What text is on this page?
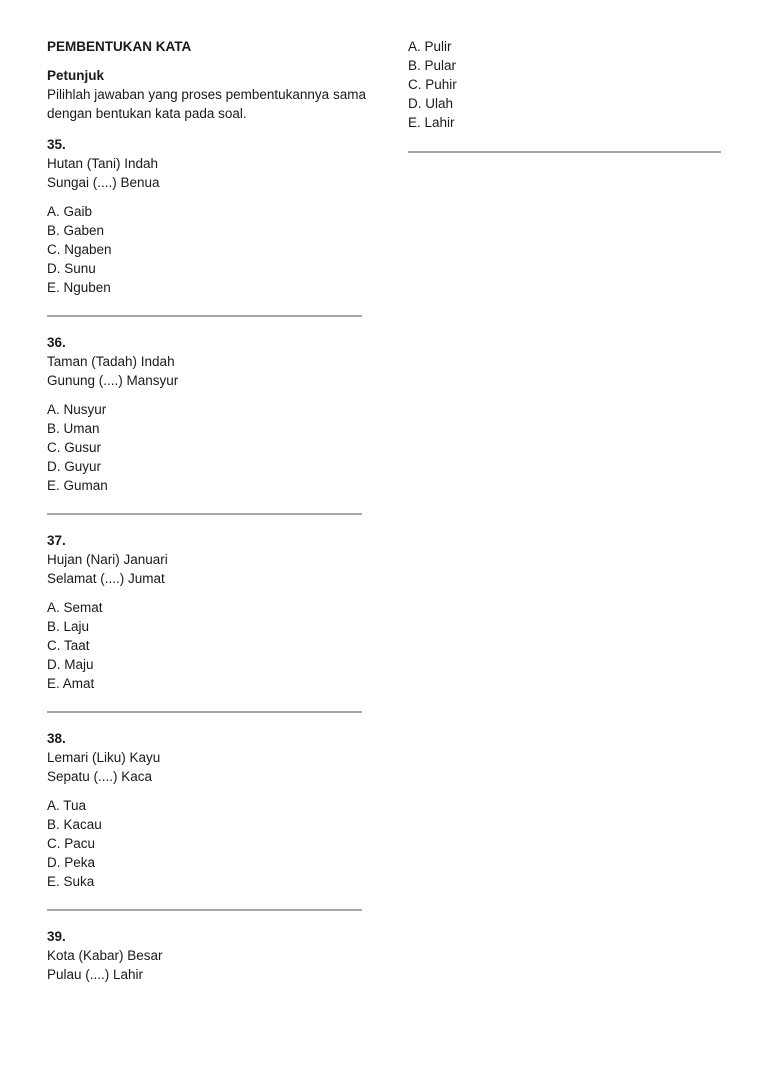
PEMBENTUKAN KATA

Petunjuk

Pilihlah jawaban yang proses pembentukannya sama

dengan bentukan kata pada soal.

35.

Hutan (Tani) Indah

Sungai (....) Benua

A. Gaib

B. Gaben

C. Ngaben

D. Sunu

E. Nguben

36.

Taman (Tadah) Indah

Gunung (....) Mansyur

A. Nusyur

B. Uman

C. Gusur

D. Guyur

E. Guman

37.

Hujan (Nari) Januari

Selamat (....) Jumat

A. Semat

B. Laju

C. Taat

D. Maju

E. Amat

38.

Lemari (Liku) Kayu

Sepatu (....) Kaca

A. Tua

B. Kacau

C. Pacu

D. Peka

E. Suka

39.

Kota (Kabar) Besar

Pulau (....) Lahir

A. Pulir

B. Pular

C. Puhir

D. Ulah

E. Lahir
